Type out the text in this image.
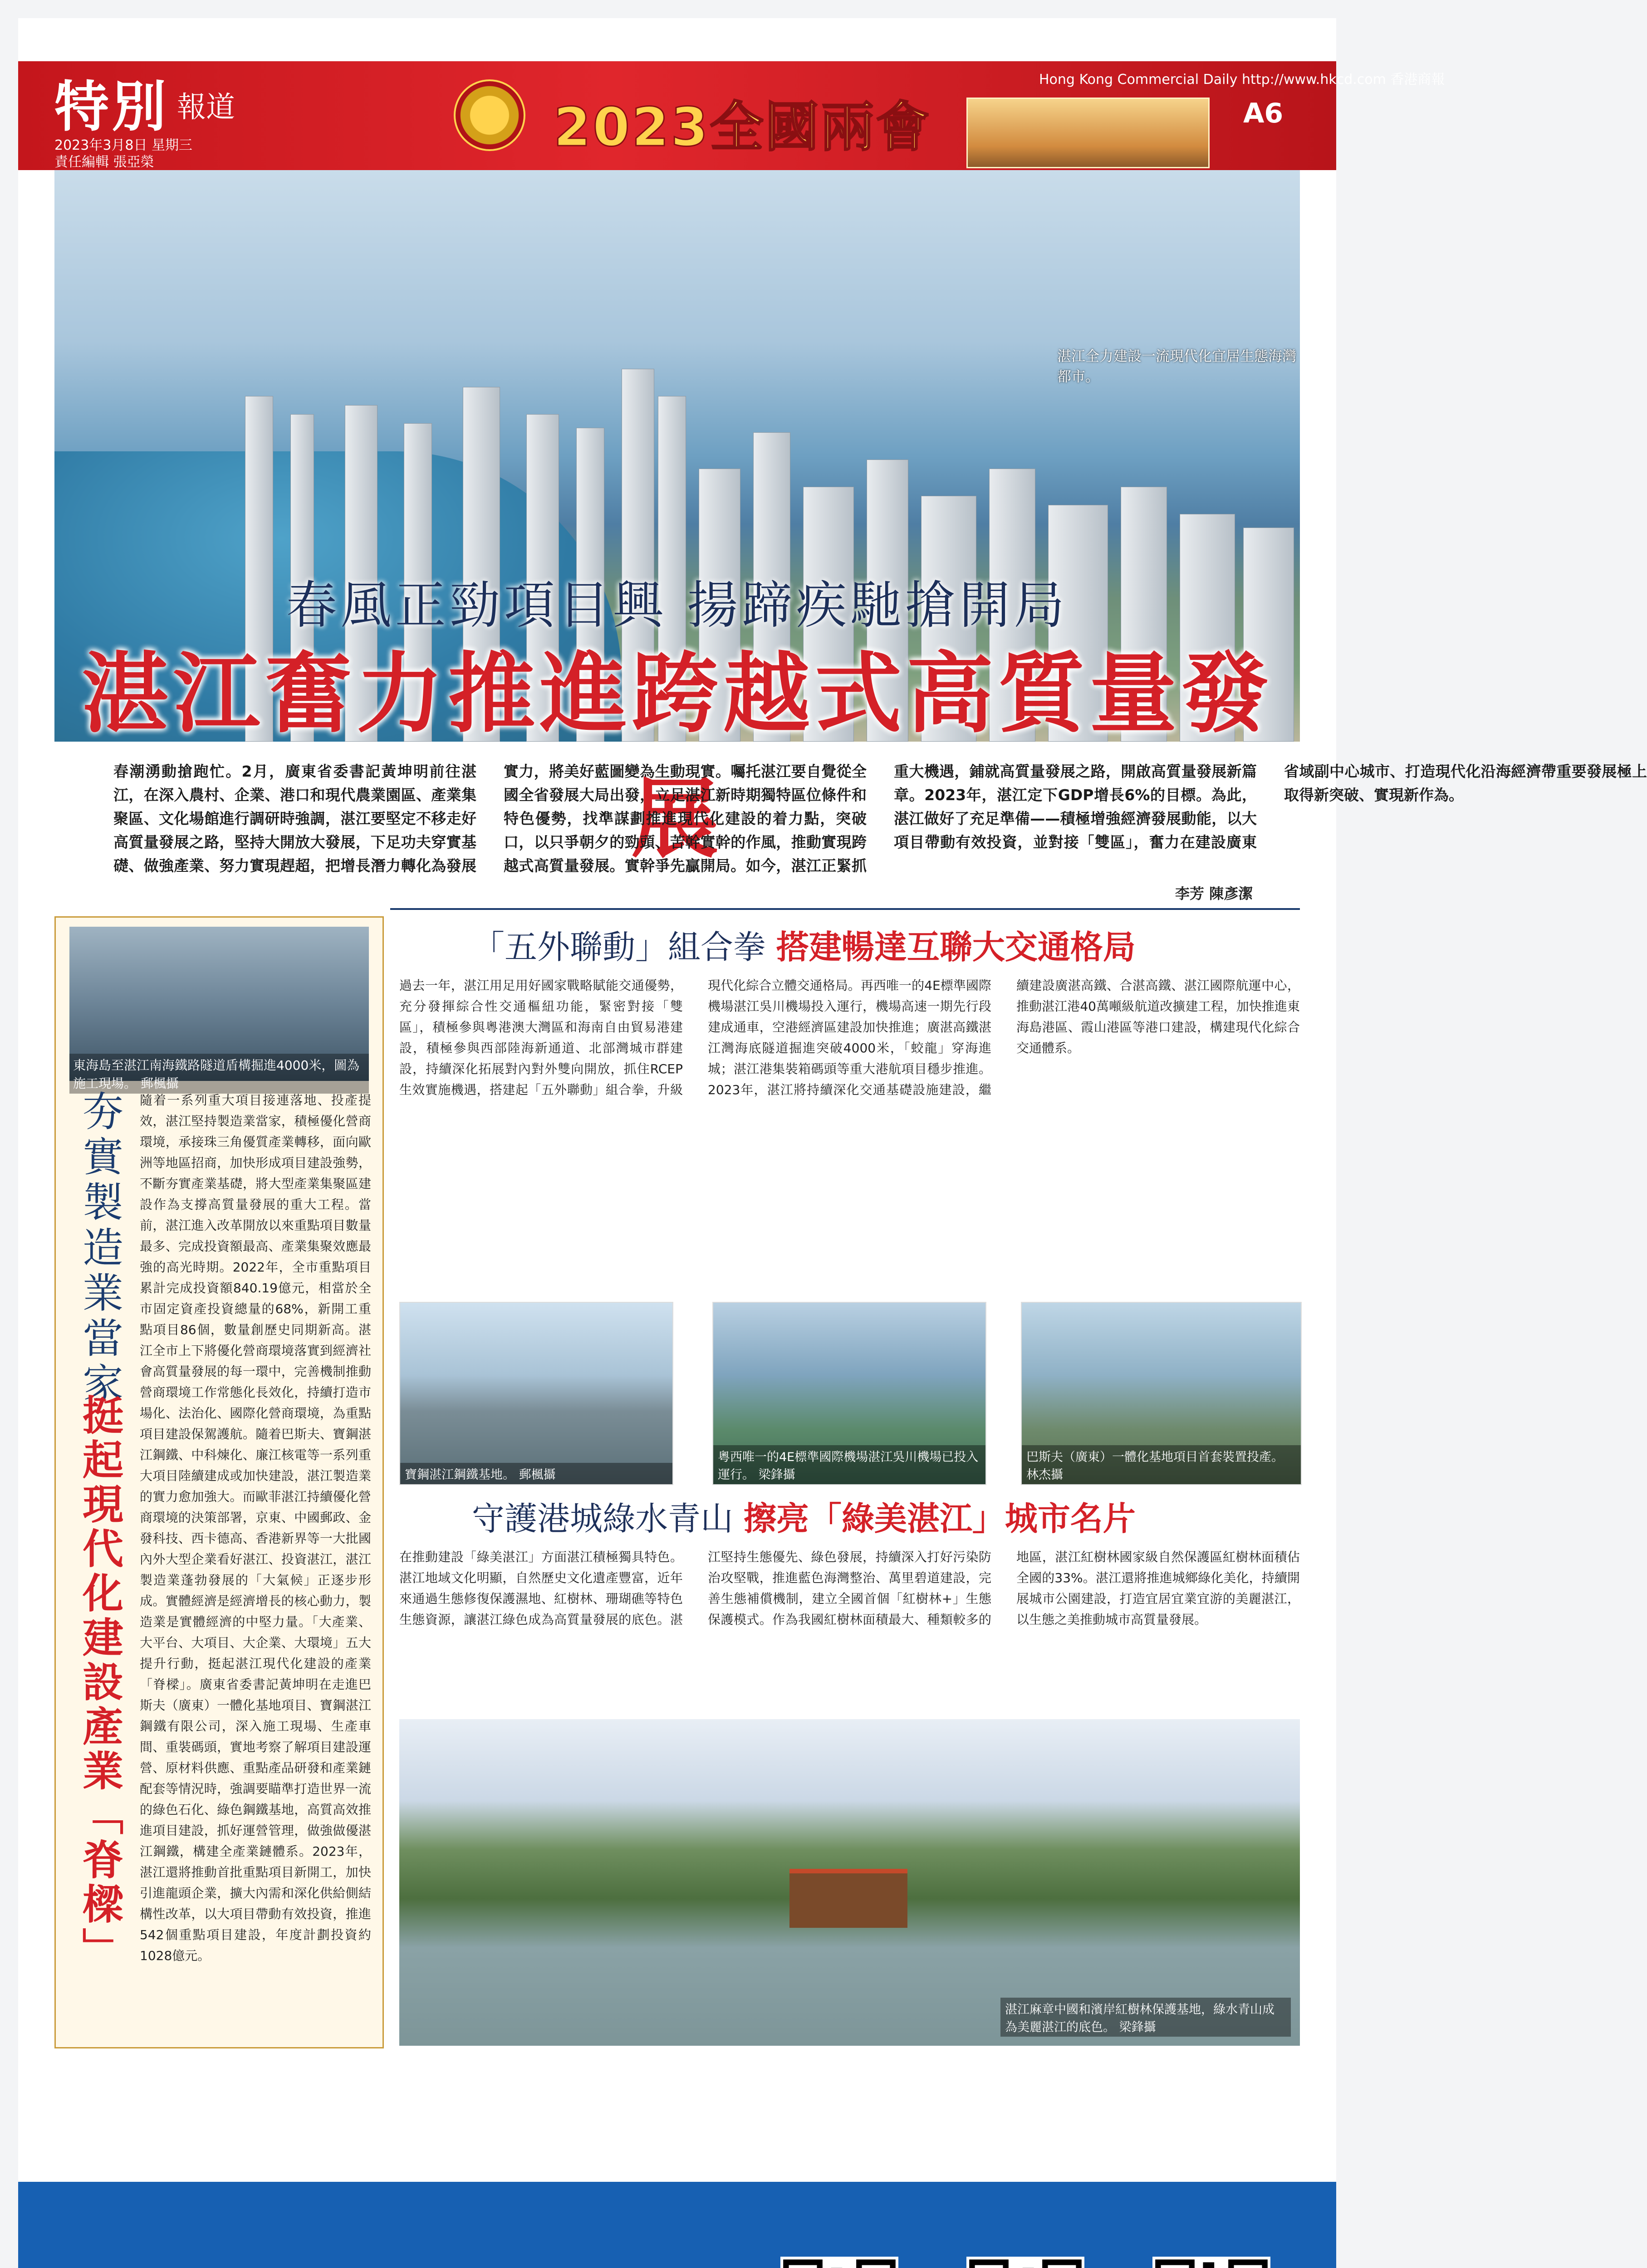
特別 報道
2023年3月8日 星期三
責任編輯 張亞榮
2023全國兩會
Hong Kong Commercial Daily http://www.hkcd.com 香港商報
A6
湛江全力建設一流現代化宜居生態海灣都市。
春風正勁項目興 揚蹄疾馳搶開局
湛江奮力推進跨越式高質量發展
春潮湧動搶跑忙。2月，廣東省委書記黃坤明前往湛江，在深入農村、企業、港口和現代農業園區、產業集聚區、文化場館進行調研時強調，湛江要堅定不移走好高質量發展之路，堅持大開放大發展，下足功夫穿實基礎、做強產業、努力實現趕超，把增長潛力轉化為發展實力，將美好藍圖變為生動現實。囑托湛江要自覺從全國全省發展大局出發，立足湛江新時期獨特區位條件和特色優勢，找準謀劃推進現代化建設的着力點，突破口，以只爭朝夕的勁頭、苦幹實幹的作風，推動實現跨越式高質量發展。實幹爭先贏開局。如今，湛江正緊抓重大機遇，鋪就高質量發展之路，開啟高質量發展新篇章。2023年，湛江定下GDP增長6%的目標。為此，湛江做好了充足準備——積極增強經濟發展動能，以大項目帶動有效投資，並對接「雙區」，奮力在建設廣東省域副中心城市、打造現代化沿海經濟帶重要發展極上取得新突破、實現新作為。
李芳 陳彥潔
東海島至湛江南海鐵路隧道盾構掘進4000米，圖為施工現場。 郵楓攝
夯實製造業當家
挺起現代化建設產業「脊樑」
隨着一系列重大項目接連落地、投產提效，湛江堅持製造業當家，積極優化營商環境，承接珠三角優質產業轉移，面向歐洲等地區招商，加快形成項目建設強勢，不斷夯實產業基礎，將大型產業集聚區建設作為支撐高質量發展的重大工程。當前，湛江進入改革開放以來重點項目數量最多、完成投資額最高、產業集聚效應最強的高光時期。2022年，全市重點項目累計完成投資額840.19億元，相當於全市固定資產投資總量的68%，新開工重點項目86個，數量創歷史同期新高。湛江全市上下將優化營商環境落實到經濟社會高質量發展的每一環中，完善機制推動營商環境工作常態化長效化，持續打造市場化、法治化、國際化營商環境，為重點項目建設保駕護航。隨着巴斯夫、寶鋼湛江鋼鐵、中科煉化、廉江核電等一系列重大項目陸續建成或加快建設，湛江製造業的實力愈加強大。而歐菲湛江持續優化營商環境的決策部署，京東、中國郵政、金發科技、西卡德高、香港新界等一大批國內外大型企業看好湛江、投資湛江，湛江製造業蓬勃發展的「大氣候」正逐步形成。實體經濟是經濟增長的核心動力，製造業是實體經濟的中堅力量。「大產業、大平台、大項目、大企業、大環境」五大提升行動，挺起湛江現代化建設的產業「脊樑」。廣東省委書記黃坤明在走進巴斯夫（廣東）一體化基地項目、寶鋼湛江鋼鐵有限公司，深入施工現場、生產車間、重裝碼頭，實地考察了解項目建設運營、原材料供應、重點產品研發和產業鏈配套等情況時，強調要瞄準打造世界一流的綠色石化、綠色鋼鐵基地，高質高效推進項目建設，抓好運營管理，做強做優湛江鋼鐵，構建全產業鏈體系。2023年，湛江還將推動首批重點項目新開工，加快引進龍頭企業，擴大內需和深化供給側結構性改革，以大項目帶動有效投資，推進542個重點項目建設，年度計劃投資約1028億元。
「五外聯動」組合拳 搭建暢達互聯大交通格局
過去一年，湛江用足用好國家戰略賦能交通優勢，充分發揮綜合性交通樞紐功能，緊密對接「雙區」，積極參與粵港澳大灣區和海南自由貿易港建設，積極參與西部陸海新通道、北部灣城市群建設，持續深化拓展對內對外雙向開放，抓住RCEP生效實施機遇，搭建起「五外聯動」組合拳，升級現代化綜合立體交通格局。再西唯一的4E標準國際機場湛江吳川機場投入運行，機場高速一期先行段建成通車，空港經濟區建設加快推進；廣湛高鐵湛江灣海底隧道掘進突破4000米，「蛟龍」穿海進城；湛江港集裝箱碼頭等重大港航項目穩步推進。2023年，湛江將持續深化交通基礎設施建設，繼續建設廣湛高鐵、合湛高鐵、湛江國際航運中心，推動湛江港40萬噸級航道改擴建工程，加快推進東海島港區、霞山港區等港口建設，構建現代化綜合交通體系。
寶鋼湛江鋼鐵基地。 郵楓攝
粵西唯一的4E標準國際機場湛江吳川機場已投入運行。 梁鋒攝
巴斯夫（廣東）一體化基地項目首套裝置投產。 林杰攝
守護港城綠水青山 擦亮「綠美湛江」城市名片
在推動建設「綠美湛江」方面湛江積極獨具特色。湛江地域文化明顯，自然歷史文化遺產豐富，近年來通過生態修復保護濕地、紅樹林、珊瑚礁等特色生態資源，讓湛江綠色成為高質量發展的底色。湛江堅持生態優先、綠色發展，持續深入打好污染防治攻堅戰，推進藍色海灣整治、萬里碧道建設，完善生態補償機制，建立全國首個「紅樹林+」生態保護模式。作為我國紅樹林面積最大、種類較多的地區，湛江紅樹林國家級自然保護區紅樹林面積佔全國的33%。湛江還將推進城鄉綠化美化，持續開展城市公園建設，打造宜居宜業宜游的美麗湛江，以生態之美推動城市高質量發展。
湛江麻章中國和濱岸紅樹林保護基地，綠水青山成為美麗湛江的底色。 梁鋒攝
